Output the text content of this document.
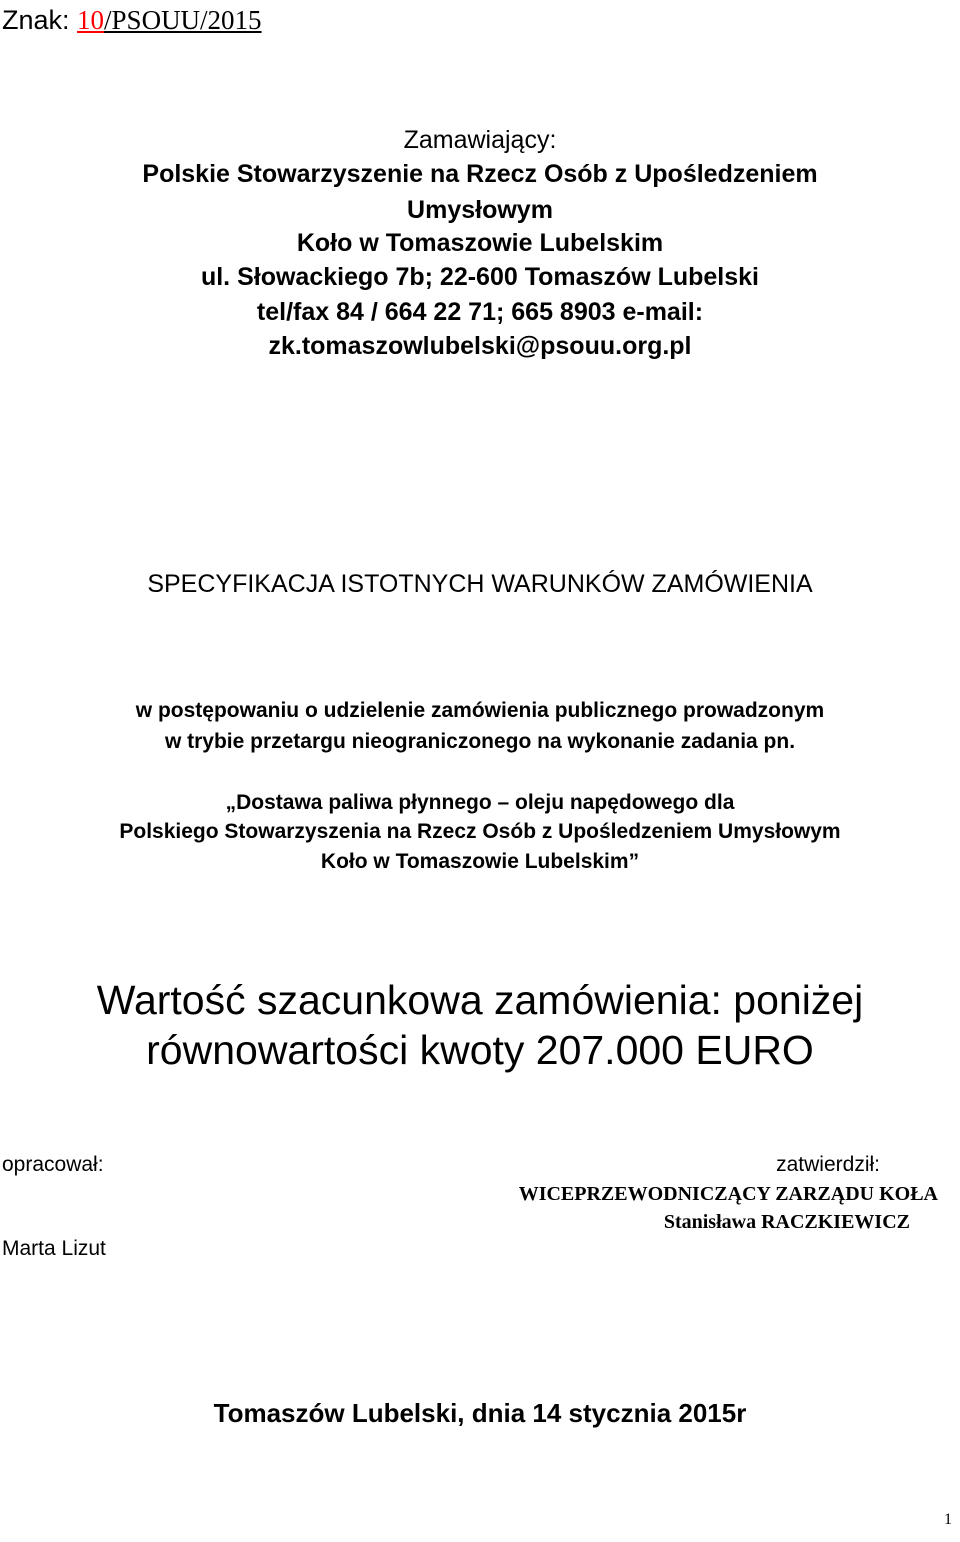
Znak: 10/PSOUU/2015
Zamawiający:
Polskie Stowarzyszenie na Rzecz Osób z Upośledzeniem
Umysłowym
Koło w Tomaszowie Lubelskim
ul. Słowackiego 7b; 22-600 Tomaszów Lubelski
tel/fax 84 / 664 22 71; 665 8903 e-mail:
zk.tomaszowlubelski@psouu.org.pl
SPECYFIKACJA ISTOTNYCH WARUNKÓW ZAMÓWIENIA
w postępowaniu o udzielenie zamówienia publicznego prowadzonym
w trybie przetargu nieograniczonego na wykonanie zadania pn.
„Dostawa paliwa płynnego – oleju napędowego dla
Polskiego Stowarzyszenia na Rzecz Osób z Upośledzeniem Umysłowym
Koło w Tomaszowie Lubelskim”
Wartość szacunkowa zamówienia: poniżej
równowartości kwoty 207.000 EURO
opracował:
Marta Lizut
zatwierdził:
WICEPRZEWODNICZĄCY ZARZĄDU KOŁA
Stanisława RACZKIEWICZ
Tomaszów Lubelski, dnia 14 stycznia 2015r
1
